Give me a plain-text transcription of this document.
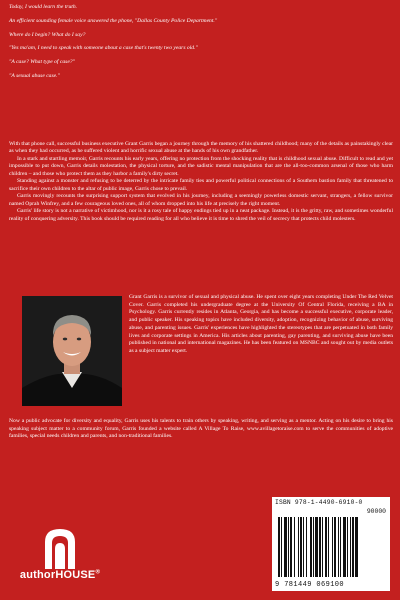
Today, I would learn the truth.

An efficient sounding female voice answered the phone, "Dallas County Police Department."

Where do I begin? What do I say?

"Yes ma'am, I need to speak with someone about a case that's twenty two years old."

"A case? What type of case?"

"A sexual abuse case."

With that phone call, successful business executive Grant Garris began a journey through the memory of his shattered childhood; many of the details as painstakingly clear as when they had occurred, as he suffered violent and horrific sexual abuse at the hands of his own grandfather.

In a stark and startling memoir, Garris recounts his early years, offering no protection from the shocking reality that is childhood sexual abuse. Difficult to read and yet impossible to put down, Garris details molestation, the physical torture, and the sadistic mental manipulation that are the all-too-common arsenal of those who harm children – and those who protect them as they harbor a family's dirty secret.

Standing against a monster and refusing to be deterred by the intricate family ties and powerful political connections of a Southern bastion family that threatened to sacrifice their own children to the altar of public image, Garris chose to prevail.

Garris movingly recounts the surprising support system that evolved in his journey, including a seemingly powerless domestic servant, strangers, a fellow survivor named Oprah Winfrey, and a few courageous loved ones, all of whom dropped into his life at precisely the right moment.

Garris' life story is not a narrative of victimhood, nor is it a rosy tale of happy endings tied up in a neat package. Instead, it is the gritty, raw, and sometimes wonderful reality of conquering adversity. This book should be required reading for all who believe it is time to shred the veil of secrecy that protects child molesters.

Grant Garris is a survivor of sexual and physical abuse. He spent over eight years completing Under The Red Velvet Cover. Garris completed his undergraduate degree at the University Of Central Florida, receiving a BA in Psychology. Garris currently resides in Atlanta, Georgia, and has become a successful executive, corporate leader, and public speaker. His speaking topics have included diversity, adoption, recognizing behavior of abuse, surviving abuse, and parenting issues. Garris' experiences have highlighted the stereotypes that are perpetuated in both family lives and corporate settings in America. His articles about parenting, gay parenting, and surviving abuse have been published in national and international magazines. He has been featured on MSNBC and sought out by media outlets as a subject matter expert.

Now a public advocate for diversity and equality, Garris uses his talents to train others by speaking, writing, and serving as a mentor. Acting on his desire to bring his speaking subject matter to a community forum, Garris founded a website called A Village To Raise, www.avillagetoraise.com to serve the communities of adoptive families, special needs children and parents, and non-traditional families.

authorHOUSE®
ISBN 978-1-4490-6910-0
90000
9 781449 069100
